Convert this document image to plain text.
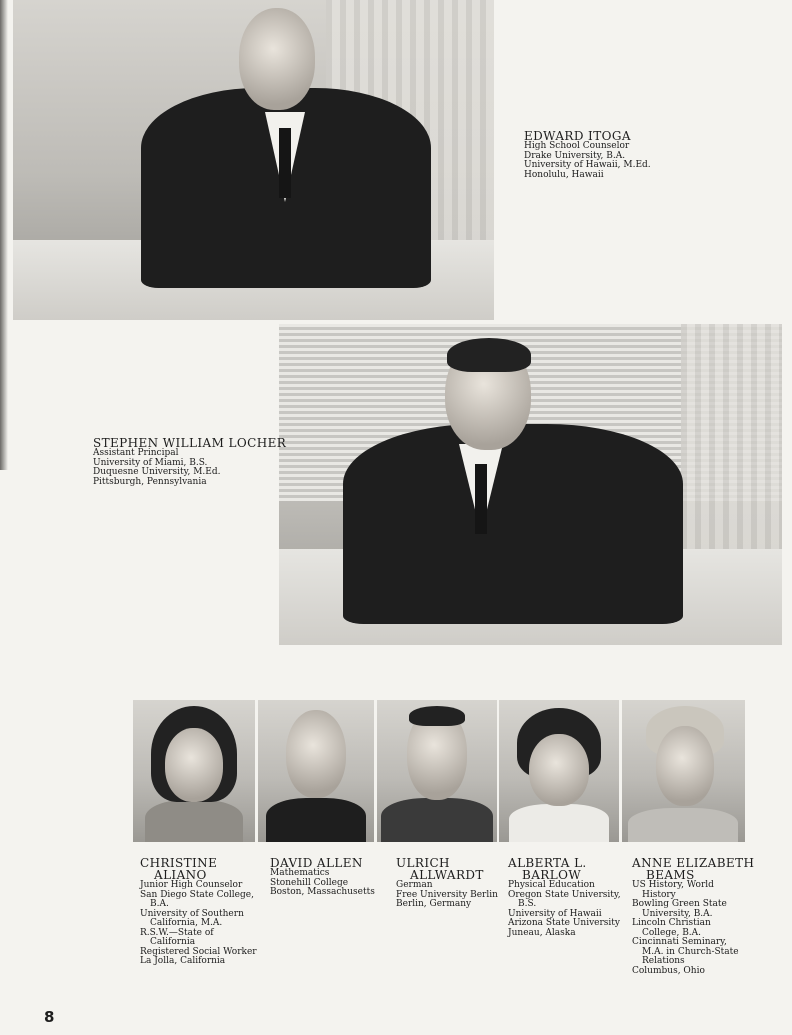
EDWARD ITOGA
High School Counselor
Drake University, B.A.
University of Hawaii, M.Ed.
Honolulu, Hawaii
STEPHEN WILLIAM LOCHER
Assistant Principal
University of Miami, B.S.
Duquesne University, M.Ed.
Pittsburgh, Pennsylvania
CHRISTINE
ALIANO
Junior High Counselor
San Diego State College,
B.A.
University of Southern
California, M.A.
R.S.W.—State of
California
Registered Social Worker
La Jolla, California
DAVID ALLEN
Mathematics
Stonehill College
Boston, Massachusetts
ULRICH
ALLWARDT
German
Free University Berlin
Berlin, Germany
ALBERTA L.
BARLOW
Physical Education
Oregon State University,
B.S.
University of Hawaii
Arizona State University
Juneau, Alaska
ANNE ELIZABETH
BEAMS
US History, World
History
Bowling Green State
University, B.A.
Lincoln Christian
College, B.A.
Cincinnati Seminary,
M.A. in Church-State
Relations
Columbus, Ohio
8
